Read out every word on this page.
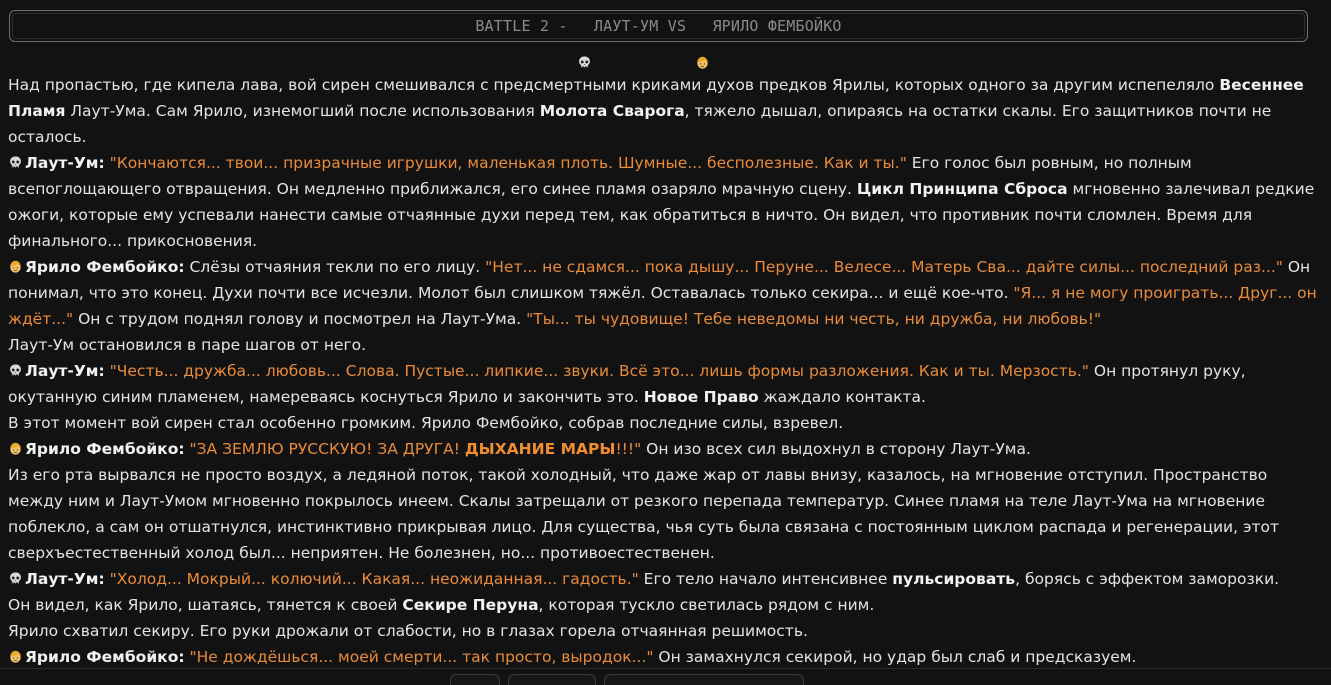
BATTLE 2 -

ЛАУТ-УМ VS

ЯРИЛО ФЕМБОЙКО

Над пропастью, где кипела лава, вой сирен смешивался с предсмертными криками духов предков Ярилы, которых одного за другим испепеляло Весеннее Пламя Лаут-Ума. Сам Ярило, изнемогший после использования Молота Сварога, тяжело дышал, опираясь на остатки скалы. Его защитников почти не осталось.

Лаут-Ум: "Кончаются... твои... призрачные игрушки, маленькая плоть. Шумные... бесполезные. Как и ты." Его голос был ровным, но полным всепоглощающего отвращения. Он медленно приближался, его синее пламя озаряло мрачную сцену. Цикл Принципа Сброса мгновенно залечивал редкие ожоги, которые ему успевали нанести самые отчаянные духи перед тем, как обратиться в ничто. Он видел, что противник почти сломлен. Время для финального... прикосновения.

Ярило Фембойко: Слёзы отчаяния текли по его лицу. "Нет... не сдамся... пока дышу... Перуне... Велесе... Матерь Сва... дайте силы... последний раз..." Он понимал, что это конец. Духи почти все исчезли. Молот был слишком тяжёл. Оставалась только секира... и ещё кое-что. "Я... я не могу проиграть... Друг... он ждёт..." Он с трудом поднял голову и посмотрел на Лаут-Ума. "Ты... ты чудовище! Тебе неведомы ни честь, ни дружба, ни любовь!"

Лаут-Ум остановился в паре шагов от него.

Лаут-Ум: "Честь... дружба... любовь... Слова. Пустые... липкие... звуки. Всё это... лишь формы разложения. Как и ты. Мерзость." Он протянул руку, окутанную синим пламенем, намереваясь коснуться Ярило и закончить это. Новое Право жаждало контакта.

В этот момент вой сирен стал особенно громким. Ярило Фембойко, собрав последние силы, взревел.

Ярило Фембойко: "ЗА ЗЕМЛЮ РУССКУЮ! ЗА ДРУГА! ДЫХАНИЕ МАРЫ!!!" Он изо всех сил выдохнул в сторону Лаут-Ума.

Из его рта вырвался не просто воздух, а ледяной поток, такой холодный, что даже жар от лавы внизу, казалось, на мгновение отступил. Пространство между ним и Лаут-Умом мгновенно покрылось инеем. Скалы затрещали от резкого перепада температур. Синее пламя на теле Лаут-Ума на мгновение поблекло, а сам он отшатнулся, инстинктивно прикрывая лицо. Для существа, чья суть была связана с постоянным циклом распада и регенерации, этот сверхъестественный холод был... неприятен. Не болезнен, но... противоестественен.

Лаут-Ум: "Холод... Мокрый... колючий... Какая... неожиданная... гадость." Его тело начало интенсивнее пульсировать, борясь с эффектом заморозки.

Он видел, как Ярило, шатаясь, тянется к своей Секире Перуна, которая тускло светилась рядом с ним.

Ярило схватил секиру. Его руки дрожали от слабости, но в глазах горела отчаянная решимость.

Ярило Фембойко: "Не дождёшься... моей смерти... так просто, выродок..." Он замахнулся секирой, но удар был слаб и предсказуем.
